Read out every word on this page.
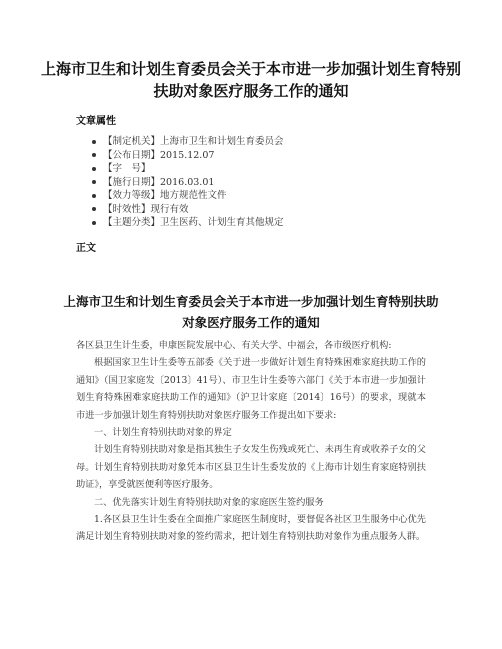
上海市卫生和计划生育委员会关于本市进一步加强计划生育特别扶助对象医疗服务工作的通知
文章属性
【制定机关】 上海市卫生和计划生育委员会
【公布日期】 2015.12.07
【字　号】
【施行日期】 2016.03.01
【效力等级】 地方规范性文件
【时效性】 现行有效
【主题分类】 卫生医药、计划生育其他规定
正文
上海市卫生和计划生育委员会关于本市进一步加强计划生育特别扶助对象医疗服务工作的通知

各区县卫生计生委，申康医院发展中心、有关大学、中福会，各市级医疗机构:

根据国家卫生计生委等五部委《关于进一步做好计划生育特殊困难家庭扶助工作的通知》（国卫家庭发〔2013〕41号）、市卫生计生委等六部门《关于本市进一步加强计划生育特殊困难家庭扶助工作的通知》（沪卫计家庭〔2014〕16号）的要求，现就本市进一步加强计划生育特别扶助对象医疗服务工作提出如下要求:

一、计划生育特别扶助对象的界定

计划生育特别扶助对象是指其独生子女发生伤残或死亡、未再生育或收养子女的父母。计划生育特别扶助对象凭本市区县卫生计生委发放的《上海市计划生育家庭特别扶助证》，享受就医便利等医疗服务。

二、优先落实计划生育特别扶助对象的家庭医生签约服务

1.各区县卫生计生委在全面推广家庭医生制度时，要督促各社区卫生服务中心优先满足计划生育特别扶助对象的签约需求，把计划生育特别扶助对象作为重点服务人群。
